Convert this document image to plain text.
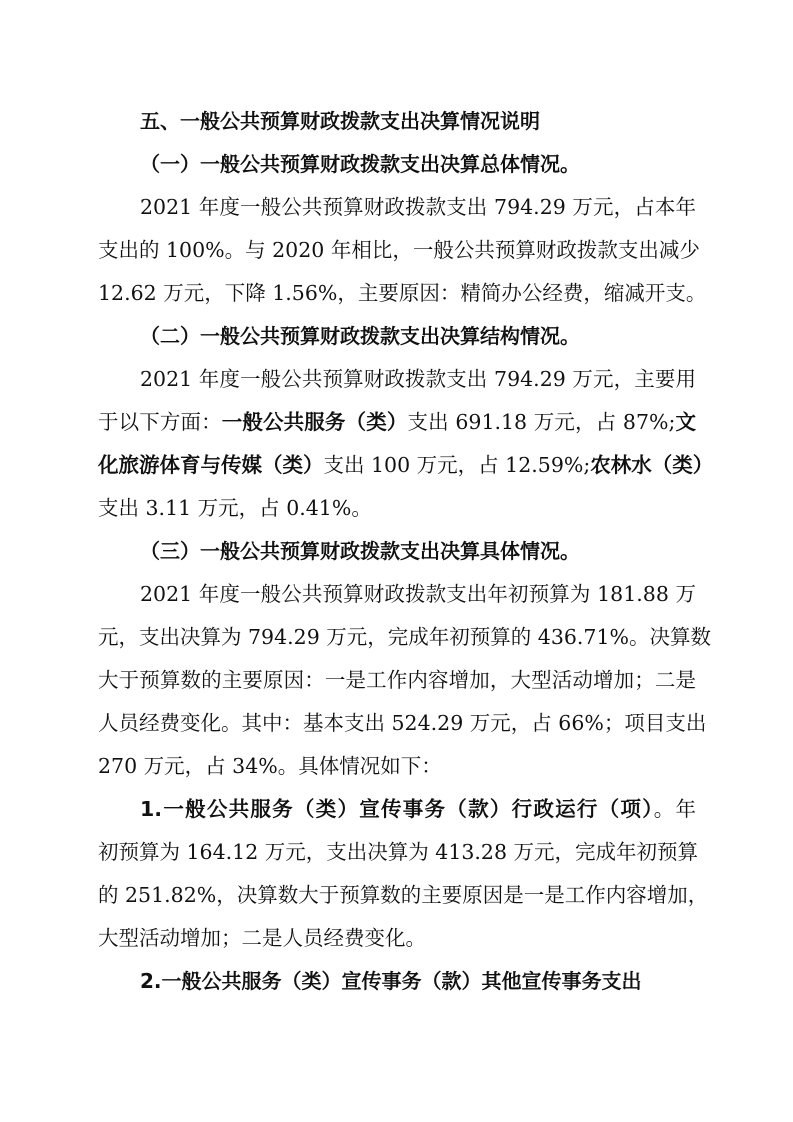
五、一般公共预算财政拨款支出决算情况说明
（一）一般公共预算财政拨款支出决算总体情况。
2021 年度一般公共预算财政拨款支出 794.29 万元，占本年
支出的 100%。与 2020 年相比，一般公共预算财政拨款支出减少
12.62 万元，下降 1.56%，主要原因：精简办公经费，缩减开支。
（二）一般公共预算财政拨款支出决算结构情况。
2021 年度一般公共预算财政拨款支出 794.29 万元，主要用
于以下方面：一般公共服务（类）支出 691.18 万元，占 87%;文
化旅游体育与传媒（类）支出 100 万元，占 12.59%;农林水（类）
支出 3.11 万元，占 0.41%。
（三）一般公共预算财政拨款支出决算具体情况。
2021 年度一般公共预算财政拨款支出年初预算为 181.88 万
元，支出决算为 794.29 万元，完成年初预算的 436.71%。决算数
大于预算数的主要原因：一是工作内容增加，大型活动增加；二是
人员经费变化。其中：基本支出 524.29 万元，占 66%；项目支出
270 万元，占 34%。具体情况如下：
1.一般公共服务（类）宣传事务（款）行政运行（项）。年
初预算为 164.12 万元，支出决算为 413.28 万元，完成年初预算
的 251.82%，决算数大于预算数的主要原因是一是工作内容增加，
大型活动增加；二是人员经费变化。
2.一般公共服务（类）宣传事务（款）其他宣传事务支出
